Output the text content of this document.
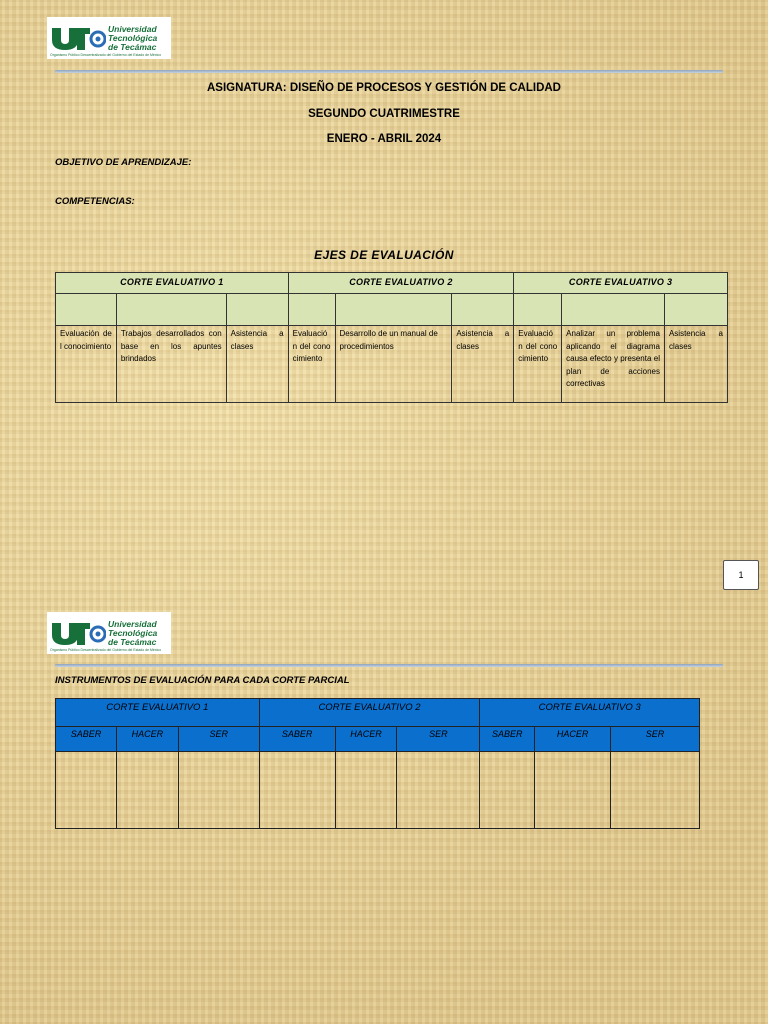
Universidad
Tecnológica
de Tecámac
Organismo Público Descentralizado del Gobierno del Estado de México
ASIGNATURA: DISEÑO DE PROCESOS Y GESTIÓN DE CALIDAD
SEGUNDO CUATRIMESTRE
ENERO - ABRIL 2024
OBJETIVO DE APRENDIZAJE:
COMPETENCIAS:
EJES DE EVALUACIÓN
CORTE EVALUATIVO 1			CORTE EVALUATIVO 2			CORTE EVALUATIVO 3		

Evaluación del conocimiento	Trabajos desarrollados con base en los apuntes brindados	Asistencia a clases	Evaluación del conocimiento	Desarrollo de un manual de procedimientos	Asistencia a clases	Evaluación del conocimiento	Analizar un problema aplicando el diagrama causa efecto y presenta el plan de acciones correctivas	Asistencia a clases
1
Universidad
Tecnológica
de Tecámac
Organismo Público Descentralizado del Gobierno del Estado de México
INSTRUMENTOS DE EVALUACIÓN PARA CADA CORTE PARCIAL
CORTE EVALUATIVO 1			CORTE EVALUATIVO 2			CORTE EVALUATIVO 3		
SABER	HACER	SER	SABER	HACER	SER	SABER	HACER	SER
